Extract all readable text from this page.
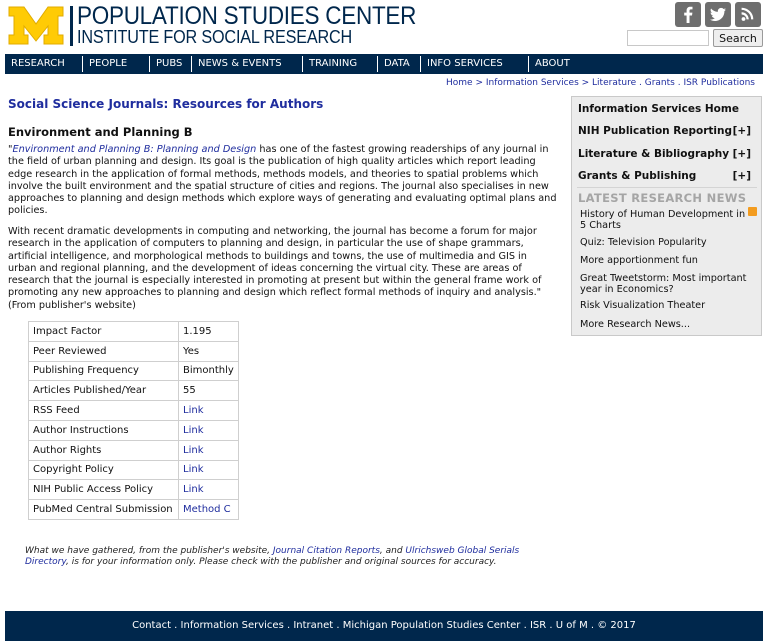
POPULATION STUDIES CENTER
INSTITUTE FOR SOCIAL RESEARCH	Search
RESEARCH	PEOPLE	PUBS	NEWS & EVENTS	TRAINING	DATA	INFO SERVICES	ABOUT
Home > Information Services > Literature . Grants . ISR Publications
Social Science Journals: Resources for Authors
Environment and Planning B

"Environment and Planning B: Planning and Design has one of the fastest growing readerships of any journal in the field of urban planning and design. Its goal is the publication of high quality articles which report leading edge research in the application of formal methods, methods models, and theories to spatial problems which involve the built environment and the spatial structure of cities and regions. The journal also specialises in new approaches to planning and design methods which explore ways of generating and evaluating optimal plans and policies.

With recent dramatic developments in computing and networking, the journal has become a forum for major research in the application of computers to planning and design, in particular the use of shape grammars, artificial intelligence, and morphological methods to buildings and towns, the use of multimedia and GIS in urban and regional planning, and the development of ideas concerning the virtual city. These are areas of research that the journal is especially interested in promoting at present but within the general frame work of promoting any new approaches to planning and design which reflect formal methods of inquiry and analysis." (From publisher's website)

Impact Factor	1.195
Peer Reviewed	Yes
Publishing Frequency	Bimonthly
Articles Published/Year	55
RSS Feed	Link
Author Instructions	Link
Author Rights	Link
Copyright Policy	Link
NIH Public Access Policy	Link
PubMed Central Submission	Method C

What we have gathered, from the publisher's website, Journal Citation Reports, and Ulrichsweb Global Serials Directory, is for your information only. Please check with the publisher and original sources for accuracy.

Information Services Home
NIH Publication Reporting [+]
Literature & Bibliography [+]
Grants & Publishing	[+]
LATEST RESEARCH NEWS
History of Human Development in 5 Charts
Quiz: Television Popularity
More apportionment fun
Great Tweetstorm: Most important year in Economics?
Risk Visualization Theater
More Research News...
Contact . Information Services . Intranet . Michigan Population Studies Center . ISR . U of M . © 2017
